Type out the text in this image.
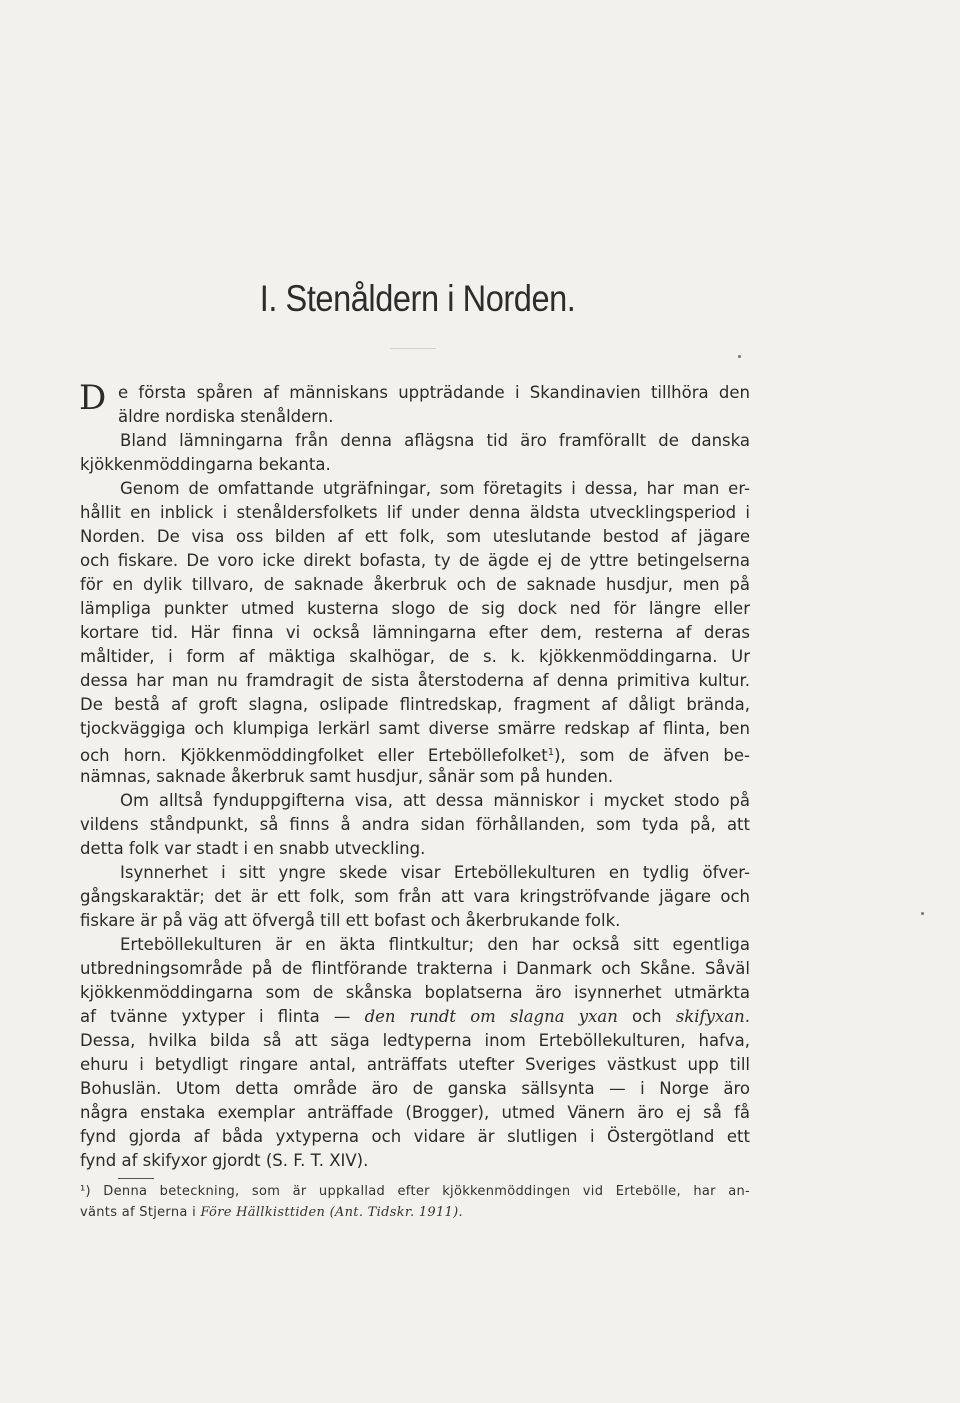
I. Stenåldern i Norden.
D e första spåren af människans uppträdande i Skandinavien tillhöra den
äldre nordiska stenåldern.
Bland lämningarna från denna aflägsna tid äro framförallt de danska
kjökkenmöddingarna bekanta.
Genom de omfattande utgräfningar, som företagits i dessa, har man er-
hållit en inblick i stenåldersfolkets lif under denna äldsta utvecklingsperiod i
Norden. De visa oss bilden af ett folk, som uteslutande bestod af jägare
och fiskare. De voro icke direkt bofasta, ty de ägde ej de yttre betingelserna
för en dylik tillvaro, de saknade åkerbruk och de saknade husdjur, men på
lämpliga punkter utmed kusterna slogo de sig dock ned för längre eller
kortare tid. Här finna vi också lämningarna efter dem, resterna af deras
måltider, i form af mäktiga skalhögar, de s. k. kjökkenmöddingarna. Ur
dessa har man nu framdragit de sista återstoderna af denna primitiva kultur.
De bestå af groft slagna, oslipade flintredskap, fragment af dåligt brända,
tjockväggiga och klumpiga lerkärl samt diverse smärre redskap af flinta, ben
och horn. Kjökkenmöddingfolket eller Erteböllefolket$^1$), som de äfven be-
nämnas, saknade åkerbruk samt husdjur, sånär som på hunden.
Om alltså fynduppgifterna visa, att dessa människor i mycket stodo på
vildens ståndpunkt, så finns å andra sidan förhållanden, som tyda på, att
detta folk var stadt i en snabb utveckling.
Isynnerhet i sitt yngre skede visar Erteböllekulturen en tydlig öfver-
gångskaraktär; det är ett folk, som från att vara kringströfvande jägare och
fiskare är på väg att öfvergå till ett bofast och åkerbrukande folk.
Erteböllekulturen är en äkta flintkultur; den har också sitt egentliga
utbredningsområde på de flintförande trakterna i Danmark och Skåne. Såväl
kjökkenmöddingarna som de skånska boplatserna äro isynnerhet utmärkta
af tvänne yxtyper i flinta — den rundt om slagna yxan och skifyxan.
Dessa, hvilka bilda så att säga ledtyperna inom Erteböllekulturen, hafva,
ehuru i betydligt ringare antal, anträffats utefter Sveriges västkust upp till
Bohuslän. Utom detta område äro de ganska sällsynta — i Norge äro
några enstaka exemplar anträffade (Brogger), utmed Vänern äro ej så få
fynd gjorda af båda yxtyperna och vidare är slutligen i Östergötland ett
fynd af skifyxor gjordt (S. F. T. XIV).
¹) Denna beteckning, som är uppkallad efter kjökkenmöddingen vid Ertebölle, har an-
vänts af Stjerna i Före Hällkisttiden (Ant. Tidskr. 1911).
